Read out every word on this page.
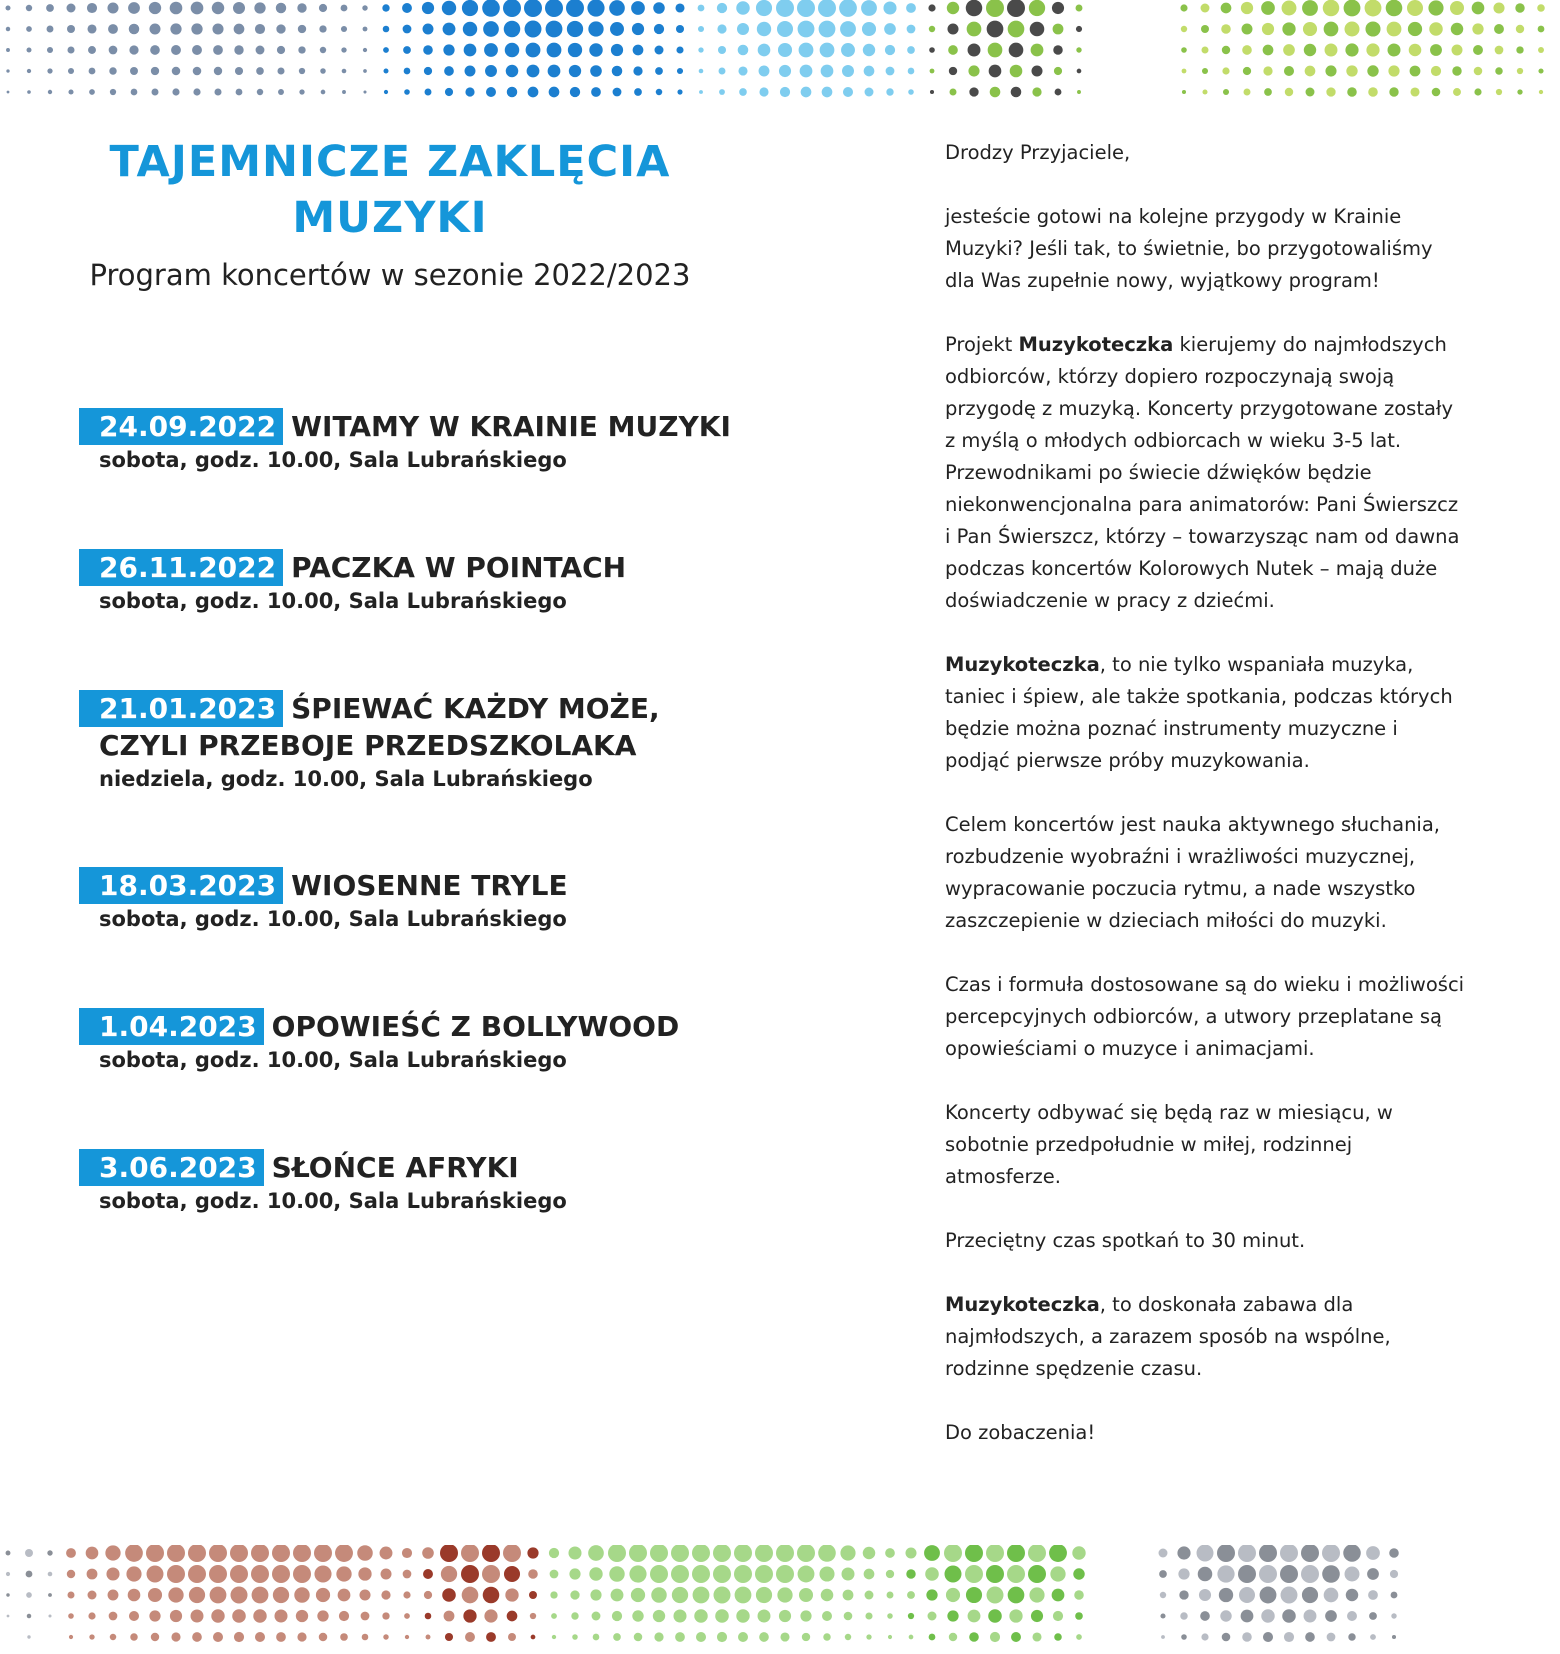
TAJEMNICZE ZAKLĘCIA
MUZYKI

Program koncertów w sezonie 2022/2023

24.09.2022 WITAMY W KRAINIE MUZYKI
sobota, godz. 10.00, Sala Lubrańskiego
26.11.2022 PACZKA W POINTACH
sobota, godz. 10.00, Sala Lubrańskiego
21.01.2023 ŚPIEWAĆ KAŻDY MOŻE,
CZYLI PRZEBOJE PRZEDSZKOLAKA
niedziela, godz. 10.00, Sala Lubrańskiego
18.03.2023 WIOSENNE TRYLE
sobota, godz. 10.00, Sala Lubrańskiego
1.04.2023 OPOWIEŚĆ Z BOLLYWOOD
sobota, godz. 10.00, Sala Lubrańskiego
3.06.2023 SŁOŃCE AFRYKI
sobota, godz. 10.00, Sala Lubrańskiego

Drodzy Przyjaciele,

jesteście gotowi na kolejne przygody w Krainie Muzyki? Jeśli tak, to świetnie, bo przygotowaliśmy dla Was zupełnie nowy, wyjątkowy program!

Projekt Muzykoteczka kierujemy do najmłodszych odbiorców, którzy dopiero rozpoczynają swoją przygodę z muzyką. Koncerty przygotowane zostały z myślą o młodych odbiorcach w wieku 3-5 lat. Przewodnikami po świecie dźwięków będzie niekonwencjonalna para animatorów: Pani Świerszcz i Pan Świerszcz, którzy – towarzysząc nam od dawna podczas koncertów Kolorowych Nutek – mają duże doświadczenie w pracy z dziećmi.

Muzykoteczka, to nie tylko wspaniała muzyka, taniec i śpiew, ale także spotkania, podczas których będzie można poznać instrumenty muzyczne i podjąć pierwsze próby muzykowania.

Celem koncertów jest nauka aktywnego słuchania, rozbudzenie wyobraźni i wrażliwości muzycznej, wypracowanie poczucia rytmu, a nade wszystko zaszczepienie w dzieciach miłości do muzyki.

Czas i formuła dostosowane są do wieku i możliwości percepcyjnych odbiorców, a utwory przeplatane są opowieściami o muzyce i animacjami.

Koncerty odbywać się będą raz w miesiącu, w sobotnie przedpołudnie w miłej, rodzinnej atmosferze.

Przeciętny czas spotkań to 30 minut.

Muzykoteczka, to doskonała zabawa dla najmłodszych, a zarazem sposób na wspólne, rodzinne spędzenie czasu.

Do zobaczenia!
